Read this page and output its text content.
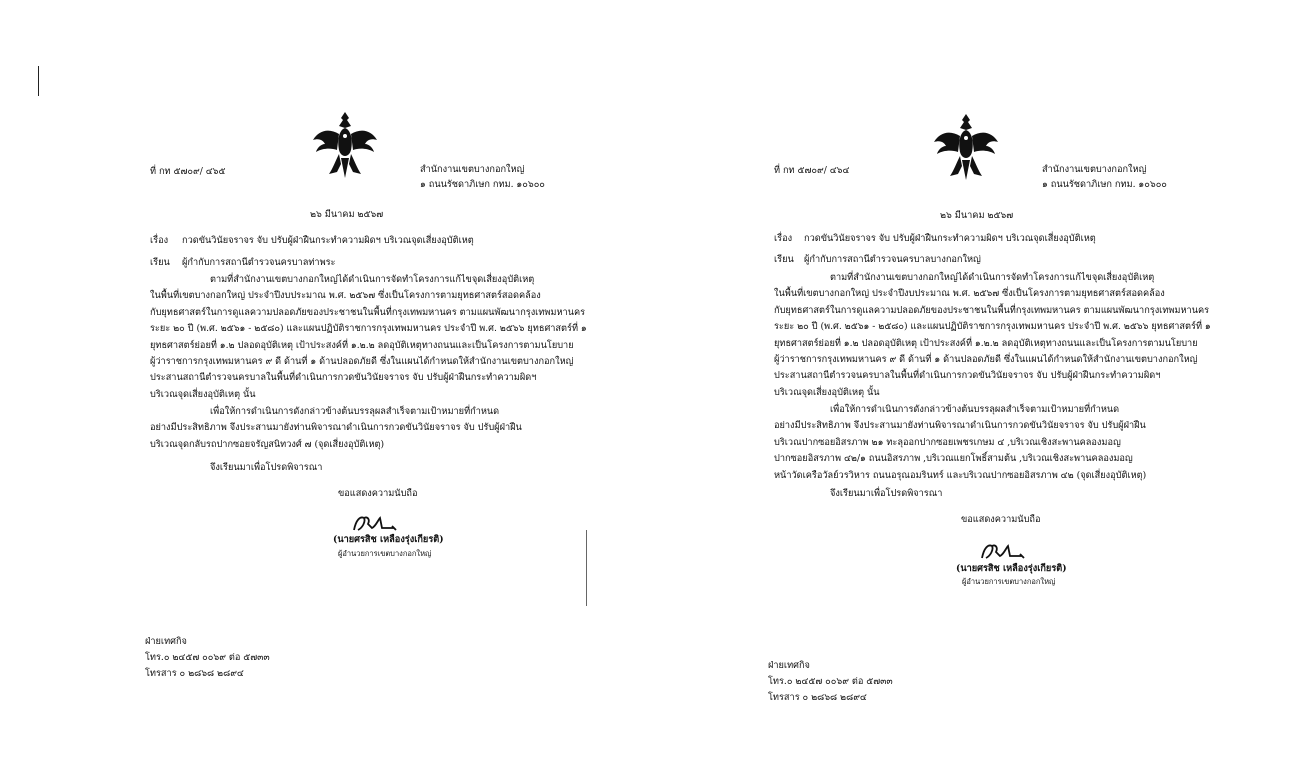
ที่ กท ๕๗๐๙/ ๔๖๕	สำนักงานเขตบางกอกใหญ่
๑ ถนนรัชดาภิเษก กทม. ๑๐๖๐๐
๒๖ มีนาคม ๒๕๖๗
เรื่อง กวดขันวินัยจราจร จับ ปรับผู้ฝ่าฝืนกระทำความผิดฯ บริเวณจุดเสี่ยงอุบัติเหตุ
เรียน ผู้กำกับการสถานีตำรวจนครบาลท่าพระ
ตามที่สำนักงานเขตบางกอกใหญ่ได้ดำเนินการจัดทำโครงการแก้ไขจุดเสี่ยงอุบัติเหตุ
ในพื้นที่เขตบางกอกใหญ่ ประจำปีงบประมาณ พ.ศ. ๒๕๖๗ ซึ่งเป็นโครงการตามยุทธศาสตร์สอดคล้อง
กับยุทธศาสตร์ในการดูแลความปลอดภัยของประชาชนในพื้นที่กรุงเทพมหานคร ตามแผนพัฒนากรุงเทพมหานคร
ระยะ ๒๐ ปี (พ.ศ. ๒๕๖๑ - ๒๕๘๐) และแผนปฏิบัติราชการกรุงเทพมหานคร ประจำปี พ.ศ. ๒๕๖๖ ยุทธศาสตร์ที่ ๑
ยุทธศาสตร์ย่อยที่ ๑.๒ ปลอดอุบัติเหตุ เป้าประสงค์ที่ ๑.๒.๒ ลดอุบัติเหตุทางถนนและเป็นโครงการตามนโยบาย
ผู้ว่าราชการกรุงเทพมหานคร ๙ ดี ด้านที่ ๑ ด้านปลอดภัยดี ซึ่งในแผนได้กำหนดให้สำนักงานเขตบางกอกใหญ่
ประสานสถานีตำรวจนครบาลในพื้นที่ดำเนินการกวดขันวินัยจราจร จับ ปรับผู้ฝ่าฝืนกระทำความผิดฯ
บริเวณจุดเสี่ยงอุบัติเหตุ นั้น
เพื่อให้การดำเนินการดังกล่าวข้างต้นบรรลุผลสำเร็จตามเป้าหมายที่กำหนด
อย่างมีประสิทธิภาพ จึงประสานมายังท่านพิจารณาดำเนินการกวดขันวินัยจราจร จับ ปรับผู้ฝ่าฝืน
บริเวณจุดกลับรถปากซอยจรัญสนิทวงศ์ ๗ (จุดเสี่ยงอุบัติเหตุ)
จึงเรียนมาเพื่อโปรดพิจารณา
ขอแสดงความนับถือ
(นายศรสิช เหลืองรุ่งเกียรติ)
ผู้อำนวยการเขตบางกอกใหญ่
ฝ่ายเทศกิจ
โทร.๐ ๒๔๕๗ ๐๐๖๙ ต่อ ๕๗๓๓
โทรสาร ๐ ๒๘๖๘ ๒๘๙๔
ที่ กท ๕๗๐๙/ ๔๖๔	สำนักงานเขตบางกอกใหญ่
๑ ถนนรัชดาภิเษก กทม. ๑๐๖๐๐
๒๖ มีนาคม ๒๕๖๗
เรื่อง กวดขันวินัยจราจร จับ ปรับผู้ฝ่าฝืนกระทำความผิดฯ บริเวณจุดเสี่ยงอุบัติเหตุ
เรียน ผู้กำกับการสถานีตำรวจนครบาลบางกอกใหญ่
ตามที่สำนักงานเขตบางกอกใหญ่ได้ดำเนินการจัดทำโครงการแก้ไขจุดเสี่ยงอุบัติเหตุ
ในพื้นที่เขตบางกอกใหญ่ ประจำปีงบประมาณ พ.ศ. ๒๕๖๗ ซึ่งเป็นโครงการตามยุทธศาสตร์สอดคล้อง
กับยุทธศาสตร์ในการดูแลความปลอดภัยของประชาชนในพื้นที่กรุงเทพมหานคร ตามแผนพัฒนากรุงเทพมหานคร
ระยะ ๒๐ ปี (พ.ศ. ๒๕๖๑ - ๒๕๘๐) และแผนปฏิบัติราชการกรุงเทพมหานคร ประจำปี พ.ศ. ๒๕๖๖ ยุทธศาสตร์ที่ ๑
ยุทธศาสตร์ย่อยที่ ๑.๒ ปลอดอุบัติเหตุ เป้าประสงค์ที่ ๑.๒.๒ ลดอุบัติเหตุทางถนนและเป็นโครงการตามนโยบาย
ผู้ว่าราชการกรุงเทพมหานคร ๙ ดี ด้านที่ ๑ ด้านปลอดภัยดี ซึ่งในแผนได้กำหนดให้สำนักงานเขตบางกอกใหญ่
ประสานสถานีตำรวจนครบาลในพื้นที่ดำเนินการกวดขันวินัยจราจร จับ ปรับผู้ฝ่าฝืนกระทำความผิดฯ
บริเวณจุดเสี่ยงอุบัติเหตุ นั้น
เพื่อให้การดำเนินการดังกล่าวข้างต้นบรรลุผลสำเร็จตามเป้าหมายที่กำหนด
อย่างมีประสิทธิภาพ จึงประสานมายังท่านพิจารณาดำเนินการกวดขันวินัยจราจร จับ ปรับผู้ฝ่าฝืน
บริเวณปากซอยอิสรภาพ ๒๑ ทะลุออกปากซอยเพชรเกษม ๔ ,บริเวณเชิงสะพานคลองมอญ
ปากซอยอิสรภาพ ๔๒/๑ ถนนอิสรภาพ ,บริเวณแยกโพธิ์สามต้น ,บริเวณเชิงสะพานคลองมอญ
หน้าวัดเครือวัลย์วรวิหาร ถนนอรุณอมรินทร์ และบริเวณปากซอยอิสรภาพ ๔๒ (จุดเสี่ยงอุบัติเหตุ)
จึงเรียนมาเพื่อโปรดพิจารณา
ขอแสดงความนับถือ
(นายศรสิช เหลืองรุ่งเกียรติ)
ผู้อำนวยการเขตบางกอกใหญ่
ฝ่ายเทศกิจ
โทร.๐ ๒๔๕๗ ๐๐๖๙ ต่อ ๕๗๓๓
โทรสาร ๐ ๒๘๖๘ ๒๘๙๔
